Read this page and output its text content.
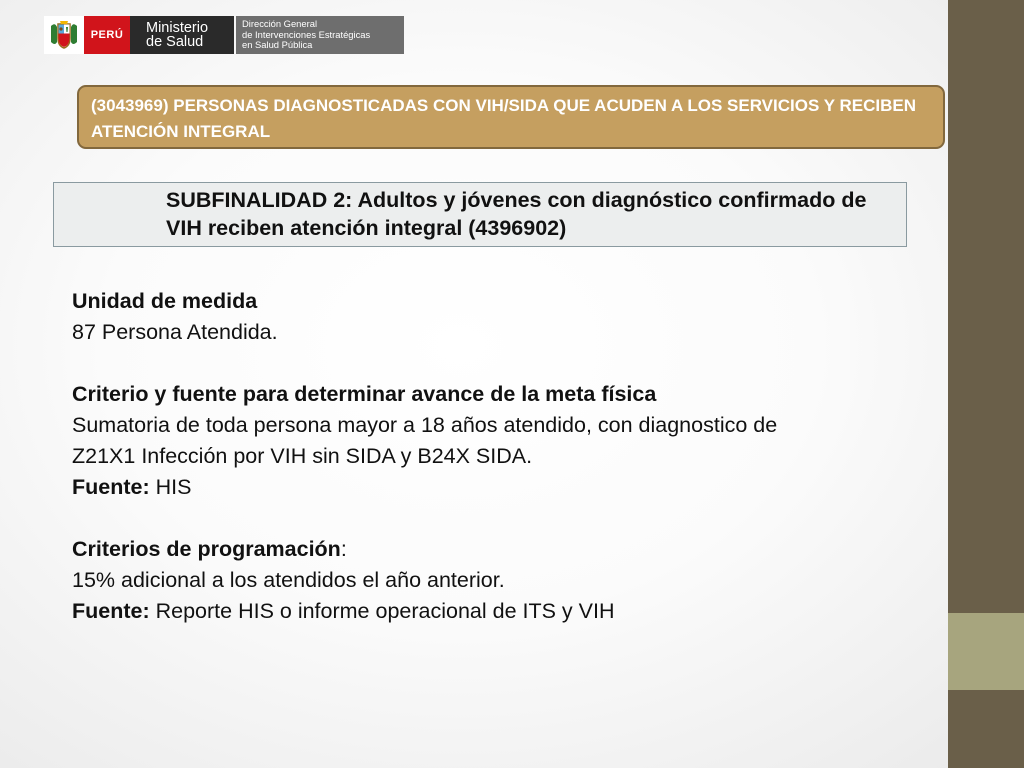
PERÚ	Ministerio
de Salud
Dirección General
de Intervenciones Estratégicas
en Salud Pública
(3043969) PERSONAS DIAGNOSTICADAS CON VIH/SIDA QUE ACUDEN A LOS SERVICIOS Y RECIBEN ATENCIÓN INTEGRAL
SUBFINALIDAD 2: Adultos y jóvenes con diagnóstico confirmado de VIH reciben atención integral (4396902)
Unidad de medida
87 Persona Atendida.
Criterio y fuente para determinar avance de la meta física
Sumatoria de toda persona mayor a 18 años atendido, con diagnostico de
Z21X1 Infección por VIH sin SIDA y B24X SIDA.
Fuente: HIS
Criterios de programación:
15% adicional a los atendidos el año anterior.
Fuente: Reporte HIS o informe operacional de ITS y VIH
